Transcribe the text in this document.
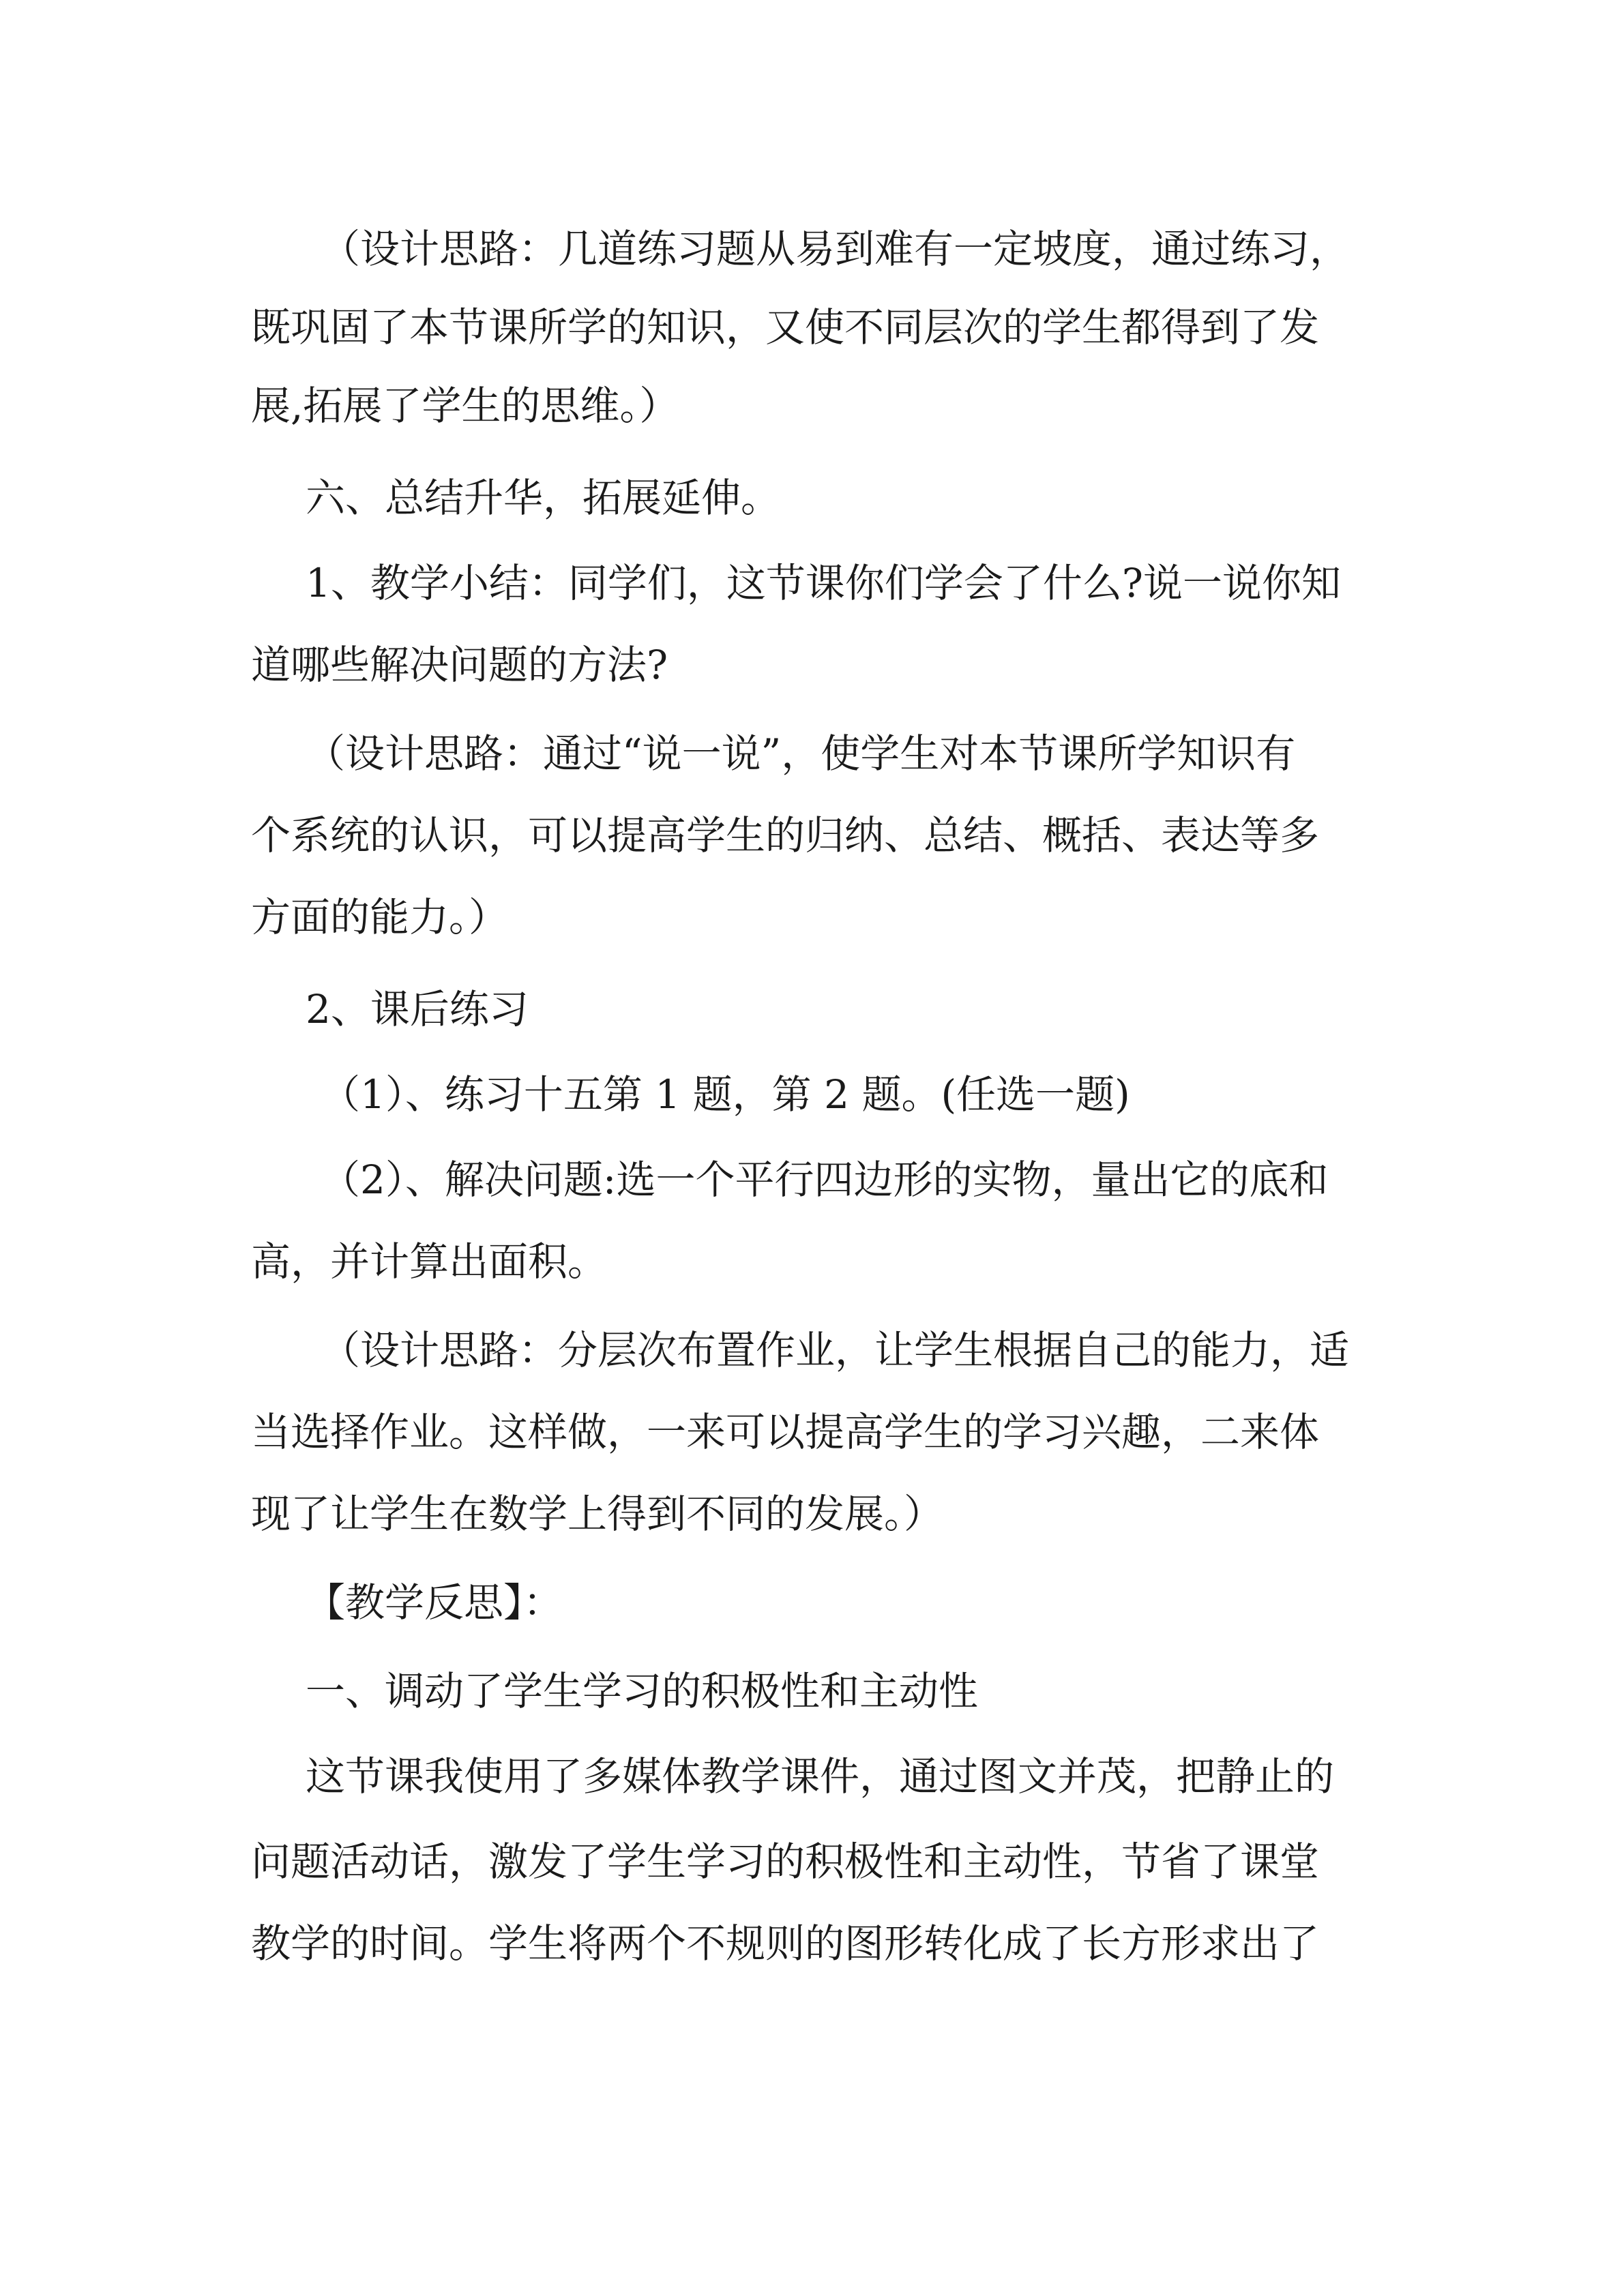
（设计思路：几道练习题从易到难有一定坡度，通过练习，
既巩固了本节课所学的知识，又使不同层次的学生都得到了发
展,拓展了学生的思维。）
六、总结升华，拓展延伸。
1、教学小结：同学们，这节课你们学会了什么?说一说你知
道哪些解决问题的方法?
（设计思路：通过“说一说”，使学生对本节课所学知识有
个系统的认识，可以提高学生的归纳、总结、概括、表达等多
方面的能力。）
2、课后练习
（1）、练习十五第 1 题，第 2 题。(任选一题)
（2）、解决问题:选一个平行四边形的实物，量出它的底和
高，并计算出面积。
（设计思路：分层次布置作业，让学生根据自己的能力，适
当选择作业。这样做，一来可以提高学生的学习兴趣，二来体
现了让学生在数学上得到不同的发展。）
【教学反思】：
一、调动了学生学习的积极性和主动性
这节课我使用了多媒体教学课件，通过图文并茂，把静止的
问题活动话，激发了学生学习的积极性和主动性，节省了课堂
教学的时间。学生将两个不规则的图形转化成了长方形求出了
